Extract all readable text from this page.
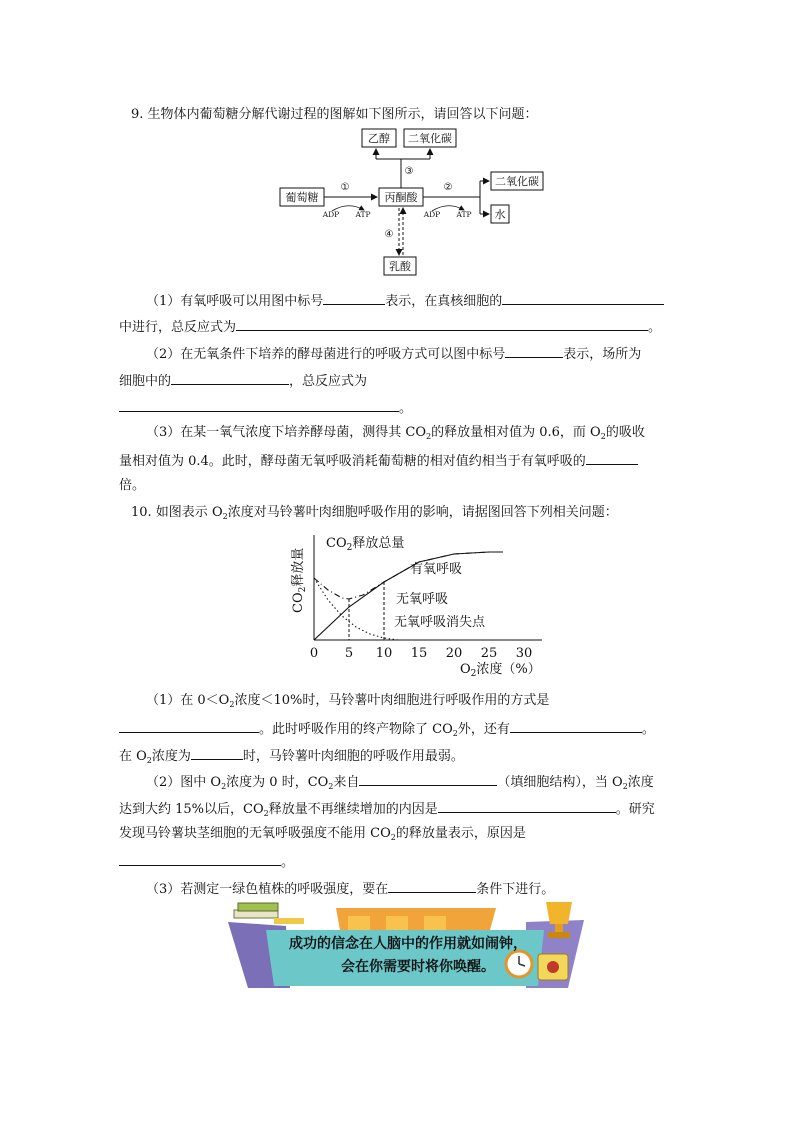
9. 生物体内葡萄糖分解代谢过程的图解如下图所示，请回答以下问题：
乙醇 二氧化碳
③
葡萄糖
①
ADP ATP
丙酮酸
②
ADP ATP
二氧化碳
水
④
乳酸
（1）有氧呼吸可以用图中标号	表示，在真核细胞的
中进行，总反应式为	。
（2）在无氧条件下培养的酵母菌进行的呼吸方式可以图中标号	表示，场所为
细胞中的	，总反应式为
。
（3）在某一氧气浓度下培养酵母菌，测得其 $CO_2$的释放量相对值为 0.6，而 $O_2$的吸收
量相对值为 0.4。此时，酵母菌无氧呼吸消耗葡萄糖的相对值约相当于有氧呼吸的
倍。
10. 如图表示 $O_2$浓度对马铃薯叶肉细胞呼吸作用的影响，请据图回答下列相关问题：
$CO_2$释放量
0 5 10 15 20 25 30
$CO_2$释放总量
有氧呼吸
无氧呼吸
无氧呼吸消失点
$O_2$浓度（%）
（1）在 $0<O_2$浓度＜10%时，马铃薯叶肉细胞进行呼吸作用的方式是
。此时呼吸作用的终产物除了 $CO_2$外，还有	。
在 $O_2$浓度为	时，马铃薯叶肉细胞的呼吸作用最弱。
（2）图中 $O_2$浓度为 0 时，$CO_2$来自	（填细胞结构），当 $O_2$浓度
达到大约 15%以后，$CO_2$释放量不再继续增加的内因是	。研究
发现马铃薯块茎细胞的无氧呼吸强度不能用 $CO_2$的释放量表示，原因是
。
（3）若测定一绿色植株的呼吸强度，要在	条件下进行。
成功的信念在人脑中的作用就如闹钟，
会在你需要时将你唤醒。
